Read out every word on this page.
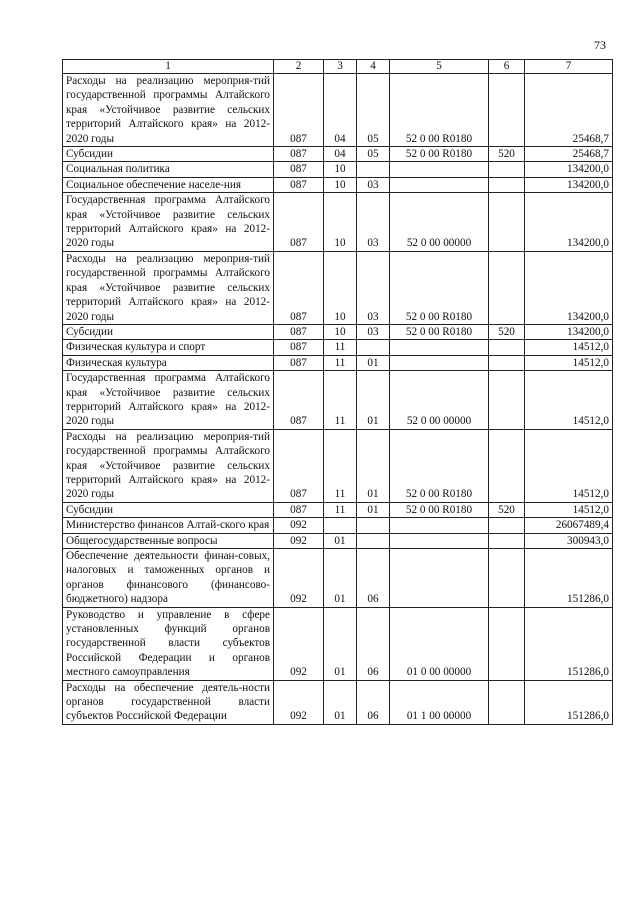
73
1	2	3	4	5	6	7
Расходы на реализацию мероприя-тий государственной программы Алтайского края «Устойчивое развитие сельских территорий Алтайского края» на 2012-2020 годы	087	04	05	52 0 00 R0180		25468,7
Субсидии	087	04	05	52 0 00 R0180	520	25468,7
Социальная политика	087	10				134200,0
Социальное обеспечение населе-ния	087	10	03			134200,0
Государственная программа Алтайского края «Устойчивое развитие сельских территорий Алтайского края» на 2012-2020 годы	087	10	03	52 0 00 00000		134200,0
Расходы на реализацию мероприя-тий государственной программы Алтайского края «Устойчивое развитие сельских территорий Алтайского края» на 2012-2020 годы	087	10	03	52 0 00 R0180		134200,0
Субсидии	087	10	03	52 0 00 R0180	520	134200,0
Физическая культура и спорт	087	11				14512,0
Физическая культура	087	11	01			14512,0
Государственная программа Алтайского края «Устойчивое развитие сельских территорий Алтайского края» на 2012-2020 годы	087	11	01	52 0 00 00000		14512,0
Расходы на реализацию мероприя-тий государственной программы Алтайского края «Устойчивое развитие сельских территорий Алтайского края» на 2012-2020 годы	087	11	01	52 0 00 R0180		14512,0
Субсидии	087	11	01	52 0 00 R0180	520	14512,0
Министерство финансов Алтай-ского края	092					26067489,4
Общегосударственные вопросы	092	01				300943,0
Обеспечение деятельности финан-совых, налоговых и таможенных органов и органов финансового (финансово-бюджетного) надзора	092	01	06			151286,0
Руководство и управление в сфере установленных функций органов государственной власти субъектов Российской Федерации и органов местного самоуправления	092	01	06	01 0 00 00000		151286,0
Расходы на обеспечение деятель-ности органов государственной власти субъектов Российской Федерации	092	01	06	01 1 00 00000		151286,0
